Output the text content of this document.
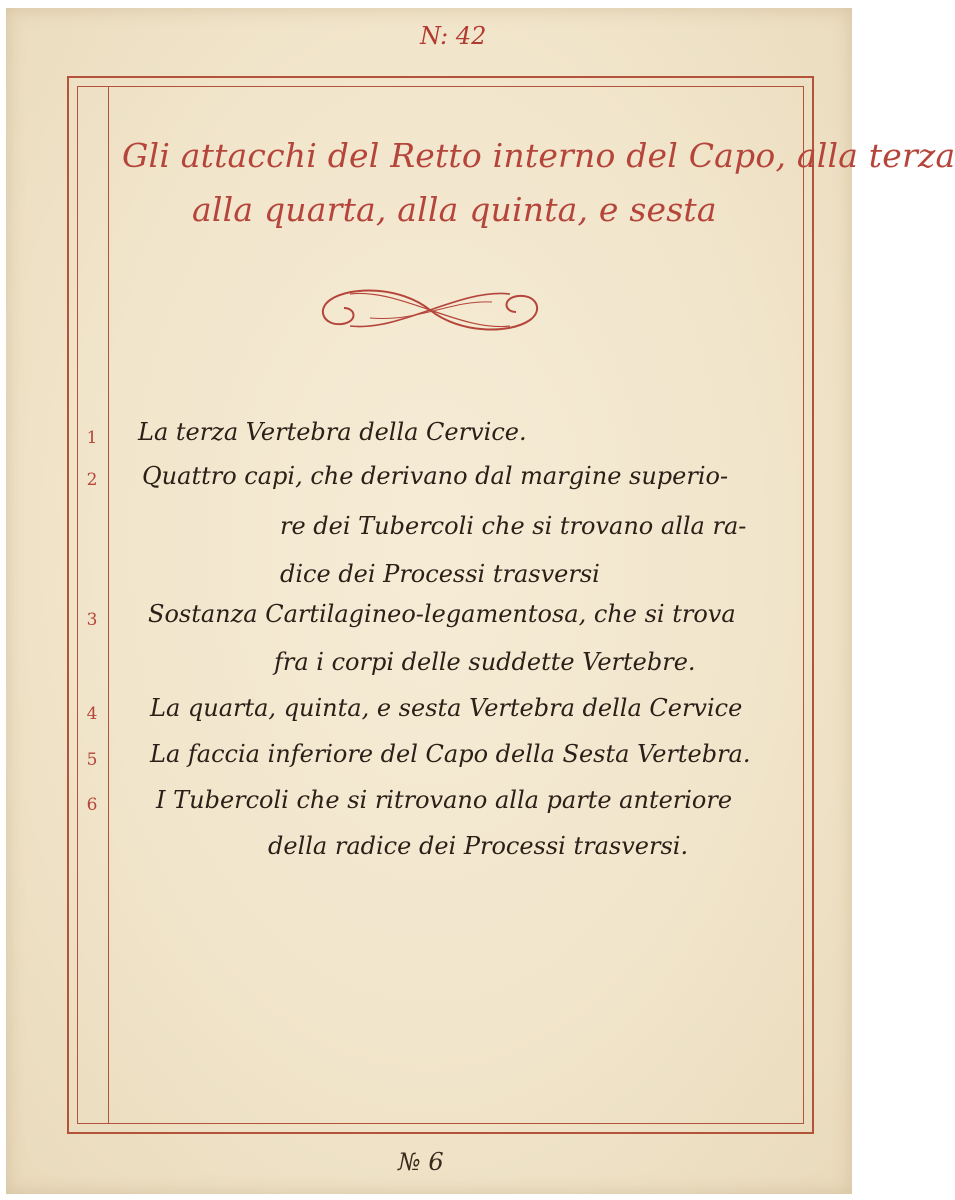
N: 42
Gli attacchi del Retto interno del Capo, alla terza
alla quarta, alla quinta, e sesta
1 La terza Vertebra della Cervice.
2 Quattro capi, che derivano dal margine superio-
re dei Tubercoli che si trovano alla ra-
dice dei Processi trasversi
3 Sostanza Cartilagineo-legamentosa, che si trova
fra i corpi delle suddette Vertebre.
4 La quarta, quinta, e sesta Vertebra della Cervice
5 La faccia inferiore del Capo della Sesta Vertebra.
6 I Tubercoli che si ritrovano alla parte anteriore
della radice dei Processi trasversi.
№ 6
